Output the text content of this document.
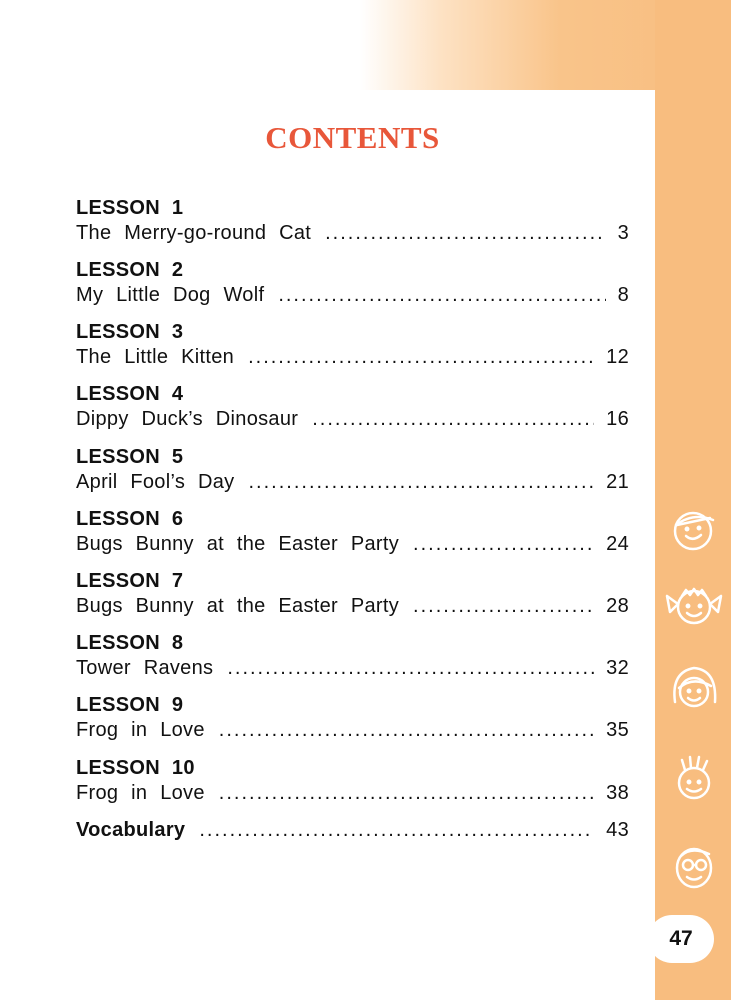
CONTENTS
LESSON 1
The Merry-go-round Cat .....	3
LESSON 2
My Little Dog Wolf .....	8
LESSON 3
The Little Kitten .....	12
LESSON 4
Dippy Duck’s Dinosaur .....	16
LESSON 5
April Fool’s Day .....	21
LESSON 6
Bugs Bunny at the Easter Party .....	24
LESSON 7
Bugs Bunny at the Easter Party .....	28
LESSON 8
Tower Ravens .....	32
LESSON 9
Frog in Love .....	35
LESSON 10
Frog in Love .....	38
Vocabulary .....	43
47
